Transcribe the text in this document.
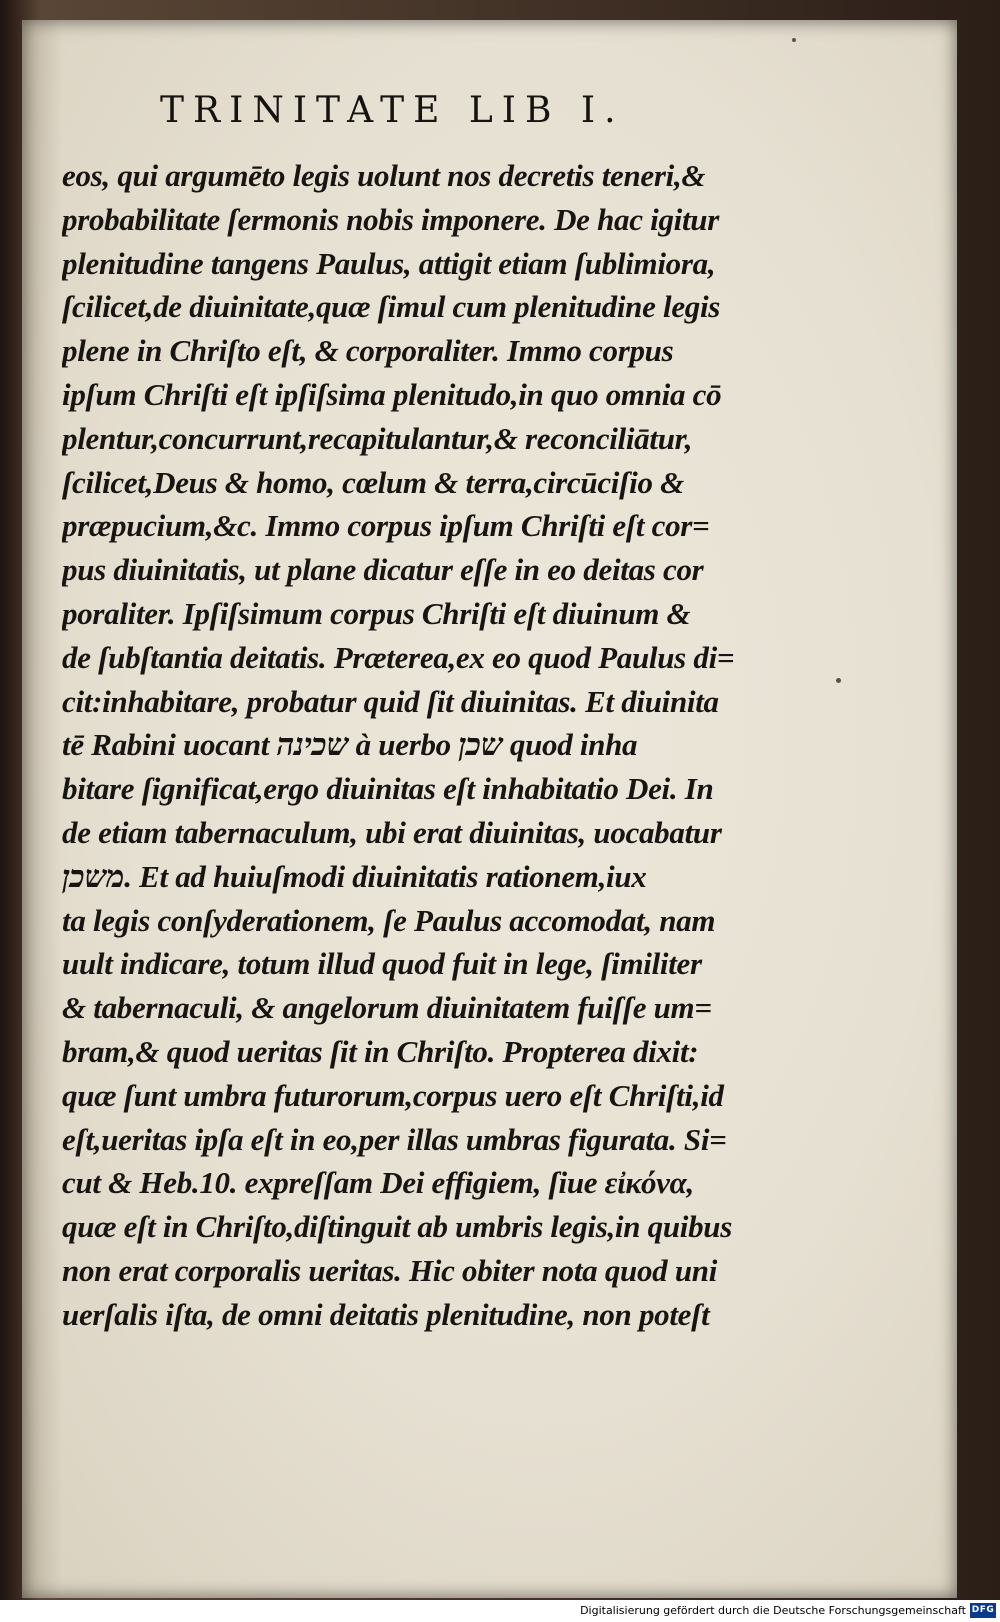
TRINITATE LIB I.
eos, qui argumēto legis uolunt nos decretis teneri,&
probabilitate ſermonis nobis imponere. De hac igitur
plenitudine tangens Paulus, attigit etiam ſublimiora,
ſcilicet,de diuinitate,quæ ſimul cum plenitudine legis
plene in Chriſto eſt, & corporaliter. Immo corpus
ipſum Chriſti eſt ipſiſsima plenitudo,in quo omnia cō
plentur,concurrunt,recapitulantur,& reconciliātur,
ſcilicet,Deus & homo, cœlum & terra,circūciſio &
præpucium,&c. Immo corpus ipſum Chriſti eſt cor=
pus diuinitatis, ut plane dicatur eſſe in eo deitas cor
poraliter. Ipſiſsimum corpus Chriſti eſt diuinum &
de ſubſtantia deitatis. Præterea,ex eo quod Paulus di=
cit:inhabitare, probatur quid ſit diuinitas. Et diuinita
tē Rabini uocant שכינה à uerbo שכן quod inha
bitare ſignificat,ergo diuinitas eſt inhabitatio Dei. In
de etiam tabernaculum, ubi erat diuinitas, uocabatur
משכן. Et ad huiuſmodi diuinitatis rationem,iux
ta legis conſyderationem, ſe Paulus accomodat, nam
uult indicare, totum illud quod fuit in lege, ſimiliter
& tabernaculi, & angelorum diuinitatem fuiſſe um=
bram,& quod ueritas ſit in Chriſto. Propterea dixit:
quæ ſunt umbra futurorum,corpus uero eſt Chriſti,id
eſt,ueritas ipſa eſt in eo,per illas umbras figurata. Si=
cut & Heb.10. expreſſam Dei effigiem, ſiue εἰκόνα,
quæ eſt in Chriſto,diſtinguit ab umbris legis,in quibus
non erat corporalis ueritas. Hic obiter nota quod uni
uerſalis iſta, de omni deitatis plenitudine, non poteſt
Digitalisierung gefördert durch die Deutsche Forschungsgemeinschaft DFG
